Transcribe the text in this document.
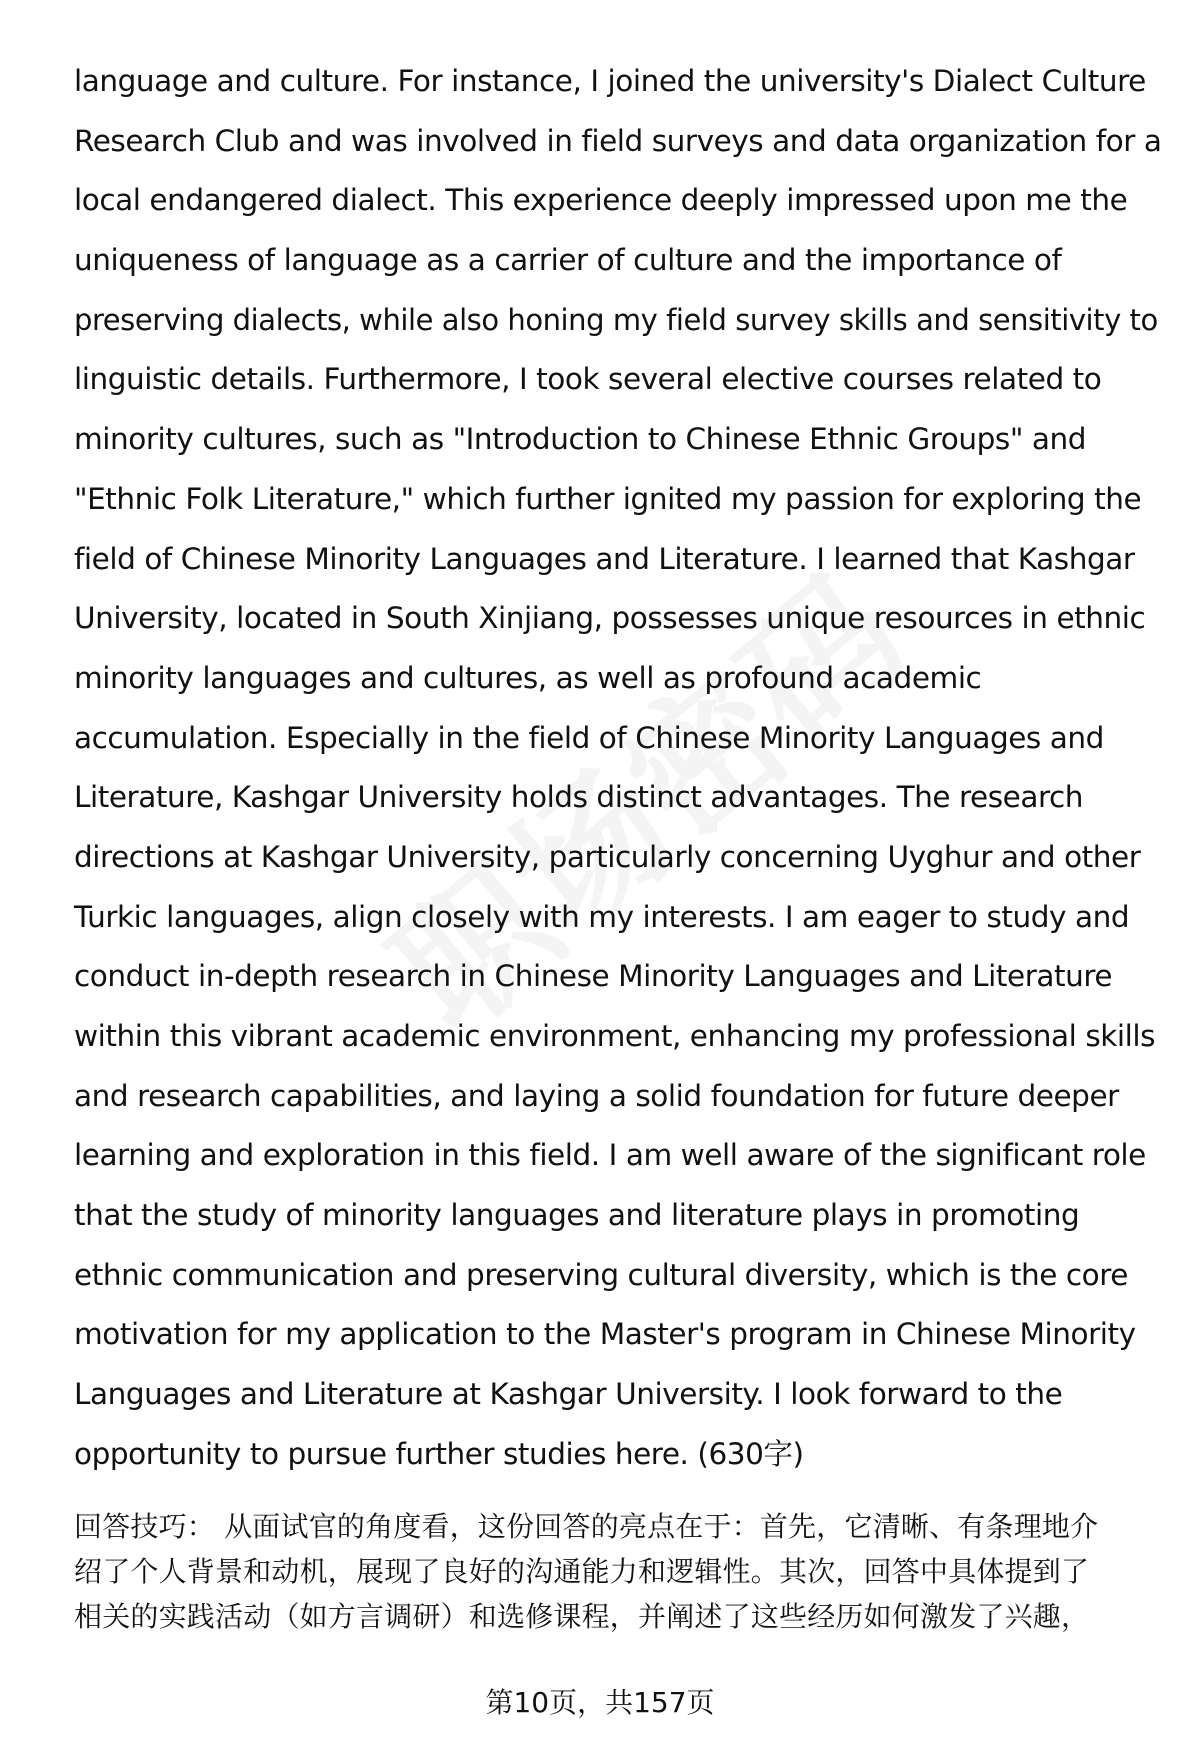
language and culture. For instance, I joined the university's Dialect Culture
Research Club and was involved in field surveys and data organization for a
local endangered dialect. This experience deeply impressed upon me the
uniqueness of language as a carrier of culture and the importance of
preserving dialects, while also honing my field survey skills and sensitivity to
linguistic details. Furthermore, I took several elective courses related to
minority cultures, such as "Introduction to Chinese Ethnic Groups" and
"Ethnic Folk Literature," which further ignited my passion for exploring the
field of Chinese Minority Languages and Literature. I learned that Kashgar
University, located in South Xinjiang, possesses unique resources in ethnic
minority languages and cultures, as well as profound academic
accumulation. Especially in the field of Chinese Minority Languages and
Literature, Kashgar University holds distinct advantages. The research
directions at Kashgar University, particularly concerning Uyghur and other
Turkic languages, align closely with my interests. I am eager to study and
conduct in-depth research in Chinese Minority Languages and Literature
within this vibrant academic environment, enhancing my professional skills
and research capabilities, and laying a solid foundation for future deeper
learning and exploration in this field. I am well aware of the significant role
that the study of minority languages and literature plays in promoting
ethnic communication and preserving cultural diversity, which is the core
motivation for my application to the Master's program in Chinese Minority
Languages and Literature at Kashgar University. I look forward to the
opportunity to pursue further studies here. (630字)
回答技巧： 从面试官的角度看，这份回答的亮点在于：首先，它清晰、有条理地介
绍了个人背景和动机，展现了良好的沟通能力和逻辑性。其次，回答中具体提到了
相关的实践活动（如方言调研）和选修课程，并阐述了这些经历如何激发了兴趣，
第10页，共157页
